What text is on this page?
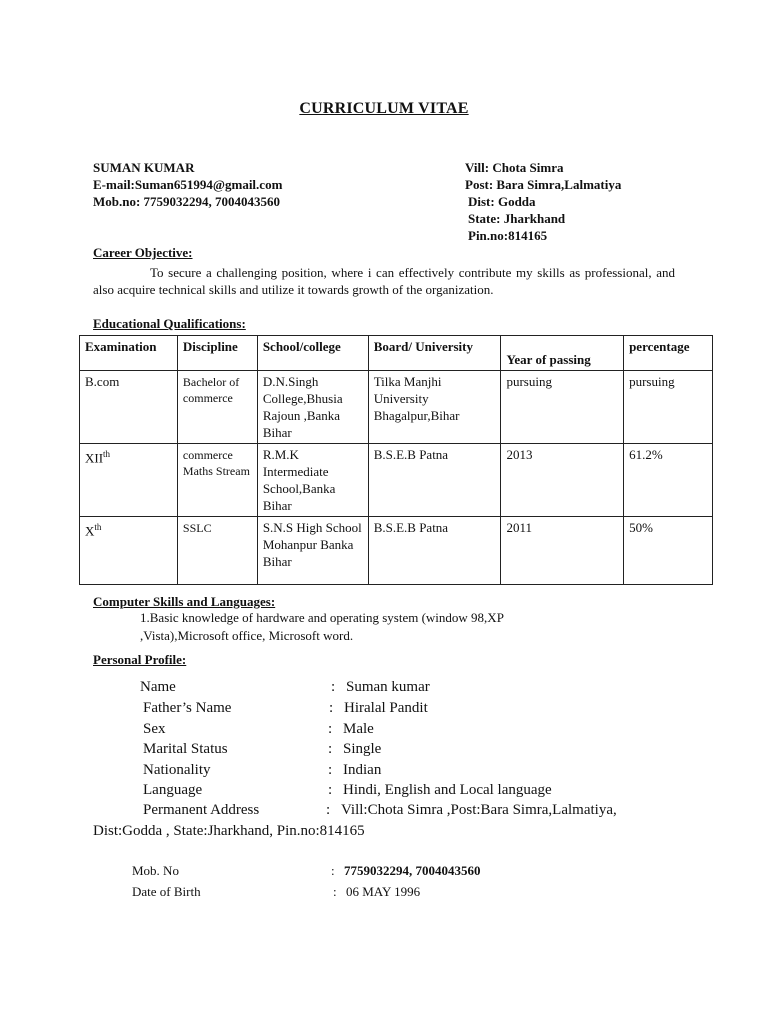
CURRICULUM VITAE
SUMAN KUMAR
E-mail:Suman651994@gmail.com
Mob.no: 7759032294, 7004043560
Vill: Chota Simra
Post: Bara Simra,Lalmatiya
Dist: Godda
State: Jharkhand
Pin.no:814165
Career Objective:
To secure a challenging position, where i can effectively contribute my skills as professional, and also acquire technical skills and utilize it towards growth of the organization.
Educational Qualifications:
Examination	Discipline	School/college	Board/ University	Year of passing	percentage
B.com	Bachelor of commerce	D.N.Singh College,Bhusia Rajoun ,Banka Bihar	Tilka Manjhi University Bhagalpur,Bihar	pursuing	pursuing
XIIth	commerce Maths Stream	R.M.K Intermediate School,Banka Bihar	B.S.E.B Patna	2013	61.2%
Xth	SSLC	S.N.S High School Mohanpur Banka Bihar	B.S.E.B Patna	2011	50%
Computer Skills and Languages:
1.Basic knowledge of hardware and operating system (window 98,XP
,Vista),Microsoft office, Microsoft word.
Personal Profile:
Name	: Suman kumar
Father’s Name	: Hiralal Pandit
Sex	: Male
Marital Status	: Single
Nationality	: Indian
Language	: Hindi, English and Local language
Permanent Address	: Vill:Chota Simra ,Post:Bara Simra,Lalmatiya,
Dist:Godda , State:Jharkhand, Pin.no:814165
Mob. No	: 7759032294, 7004043560
Date of Birth	: 06 MAY 1996
